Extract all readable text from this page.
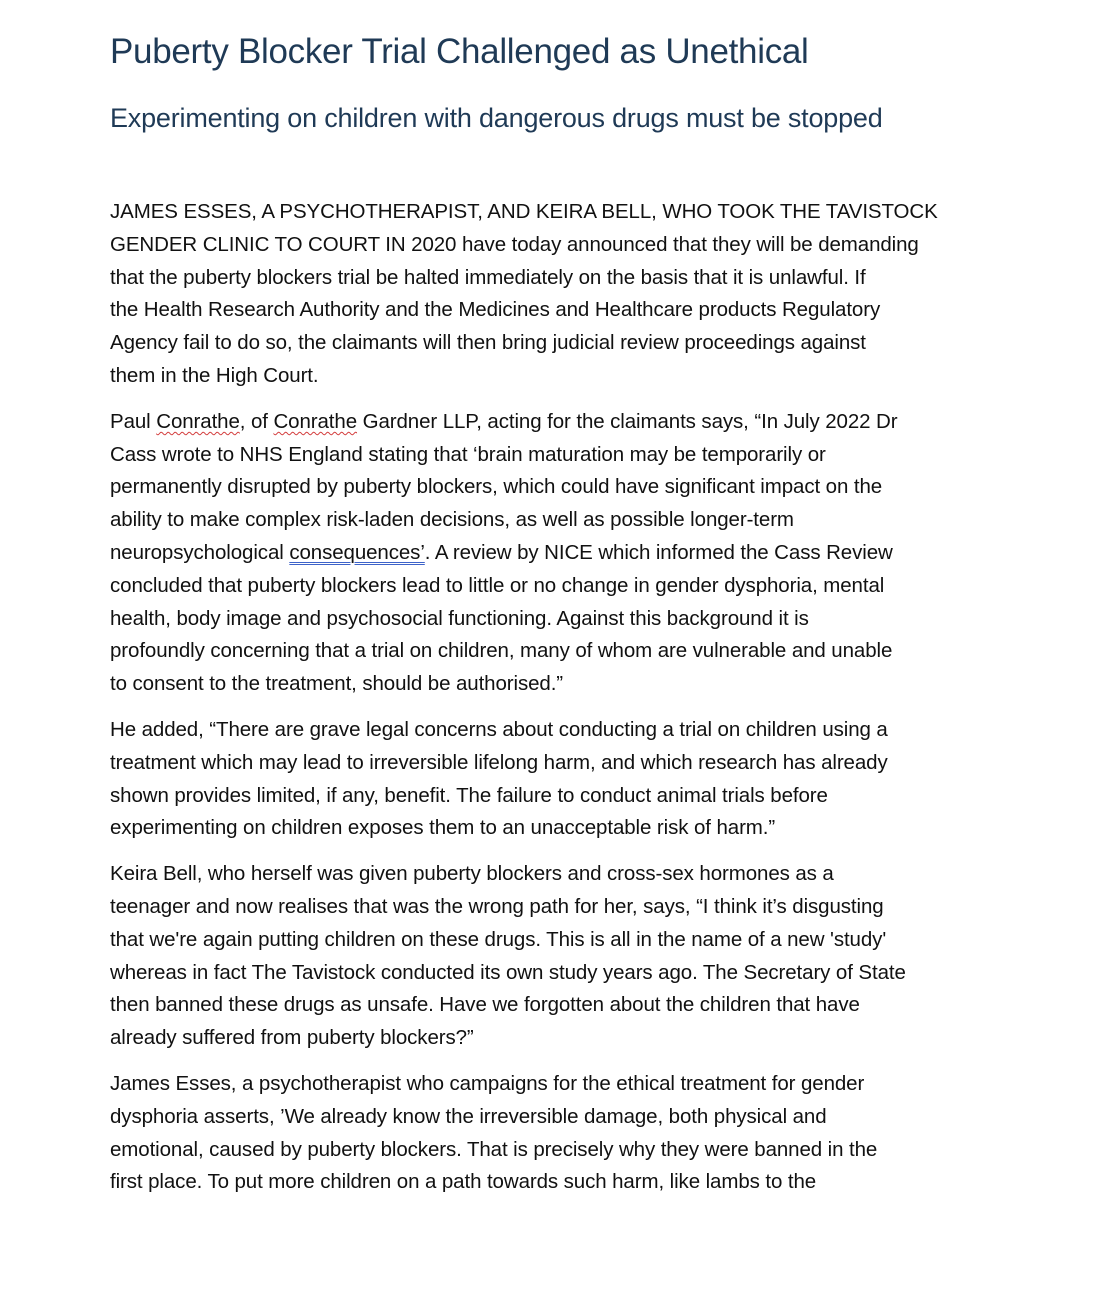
Puberty Blocker Trial Challenged as Unethical
Experimenting on children with dangerous drugs must be stopped

JAMES ESSES, A PSYCHOTHERAPIST, AND KEIRA BELL, WHO TOOK THE TAVISTOCK
GENDER CLINIC TO COURT IN 2020 have today announced that they will be demanding
that the puberty blockers trial be halted immediately on the basis that it is unlawful. If
the Health Research Authority and the Medicines and Healthcare products Regulatory
Agency fail to do so, the claimants will then bring judicial review proceedings against
them in the High Court.

Paul Conrathe, of Conrathe Gardner LLP, acting for the claimants says, “In July 2022 Dr
Cass wrote to NHS England stating that ‘brain maturation may be temporarily or
permanently disrupted by puberty blockers, which could have significant impact on the
ability to make complex risk-laden decisions, as well as possible longer-term
neuropsychological consequences’. A review by NICE which informed the Cass Review
concluded that puberty blockers lead to little or no change in gender dysphoria, mental
health, body image and psychosocial functioning. Against this background it is
profoundly concerning that a trial on children, many of whom are vulnerable and unable
to consent to the treatment, should be authorised.”

He added, “There are grave legal concerns about conducting a trial on children using a
treatment which may lead to irreversible lifelong harm, and which research has already
shown provides limited, if any, benefit. The failure to conduct animal trials before
experimenting on children exposes them to an unacceptable risk of harm.”

Keira Bell, who herself was given puberty blockers and cross-sex hormones as a
teenager and now realises that was the wrong path for her, says, “I think it’s disgusting
that we're again putting children on these drugs. This is all in the name of a new 'study'
whereas in fact The Tavistock conducted its own study years ago. The Secretary of State
then banned these drugs as unsafe. Have we forgotten about the children that have
already suffered from puberty blockers?”

James Esses, a psychotherapist who campaigns for the ethical treatment for gender
dysphoria asserts, ’We already know the irreversible damage, both physical and
emotional, caused by puberty blockers. That is precisely why they were banned in the
first place. To put more children on a path towards such harm, like lambs to the
